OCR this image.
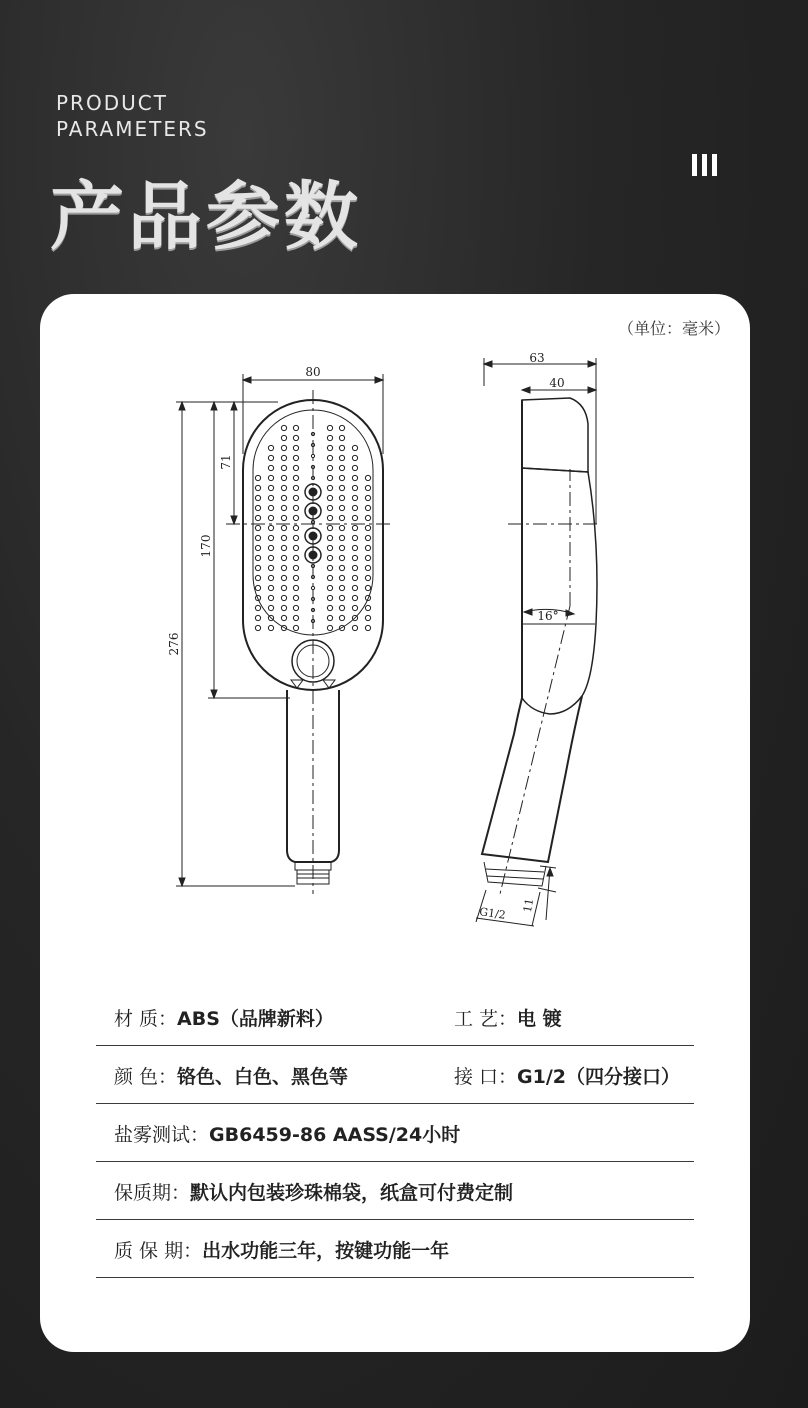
PRODUCT
PARAMETERS
产品参数
（单位：毫米）
80
71
170
276
63
40
16°
11
G1/2
材 质： ABS（品牌新料）	工 艺： 电 镀
颜 色： 铬色、白色、黑色等	接 口： G1/2（四分接口）
盐雾测试： GB6459-86 AASS/24小时
保质期： 默认内包装珍珠棉袋，纸盒可付费定制
质 保 期： 出水功能三年，按键功能一年
